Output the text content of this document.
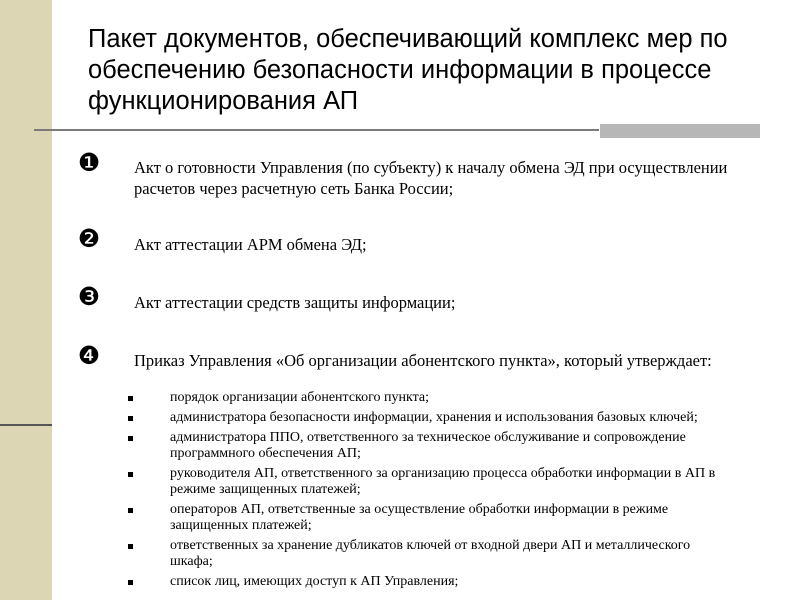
Пакет документов, обеспечивающий комплекс мер по обеспечению безопасности информации в процессе функционирования АП
❶ Акт о готовности Управления (по субъекту) к началу обмена ЭД при осуществлении расчетов через расчетную сеть Банка России;
❷ Акт аттестации АРМ обмена ЭД;
❸ Акт аттестации средств защиты информации;
❹ Приказ Управления «Об организации абонентского пункта», который утверждает:
порядок организации абонентского пункта;
администратора безопасности информации, хранения и использования базовых ключей;
администратора ППО, ответственного за техническое обслуживание и сопровождение программного обеспечения АП;
руководителя АП, ответственного за организацию процесса обработки информации в АП в режиме защищенных платежей;
операторов АП, ответственные за осуществление обработки информации в режиме защищенных платежей;
ответственных за хранение дубликатов ключей от входной двери АП и металлического шкафа;
список лиц, имеющих доступ к АП Управления;
